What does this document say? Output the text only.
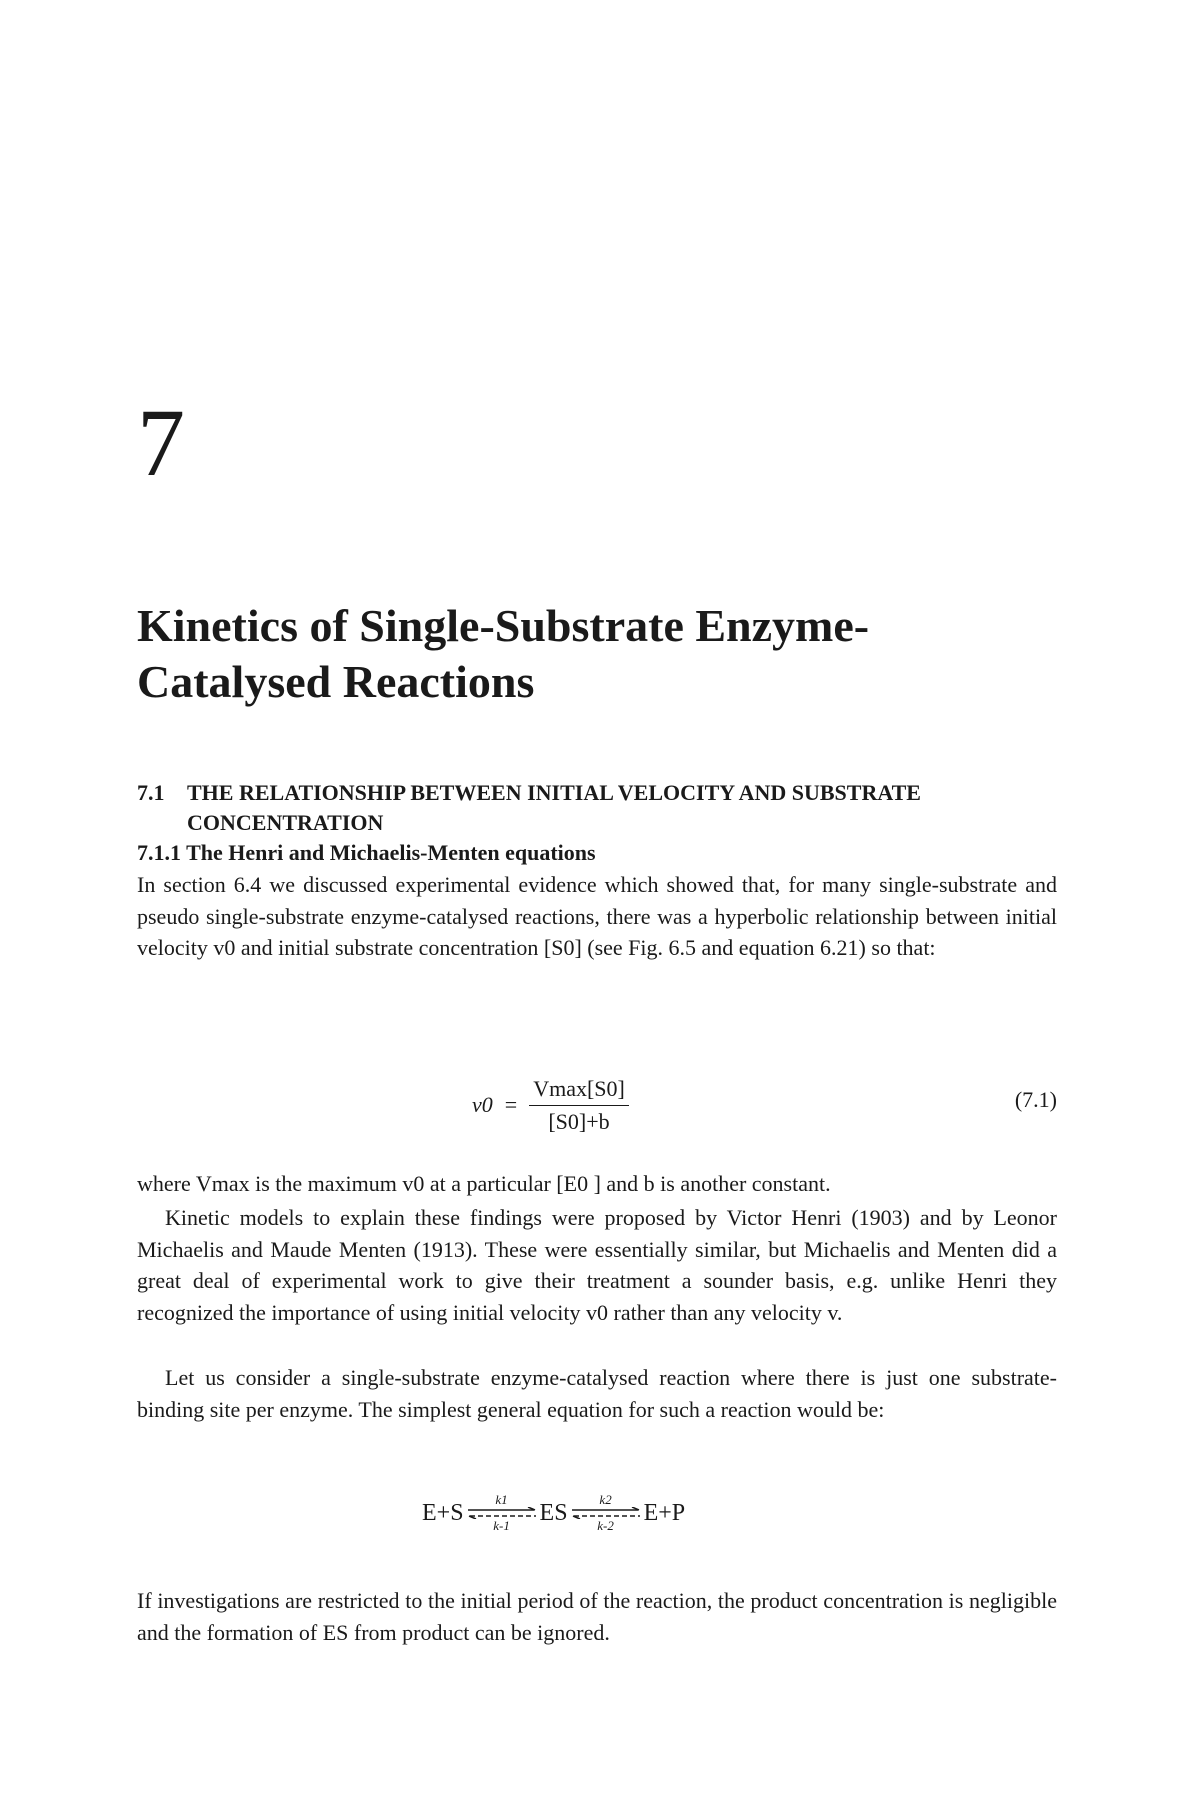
7
Kinetics of Single-Substrate Enzyme-Catalysed Reactions
7.1 THE RELATIONSHIP BETWEEN INITIAL VELOCITY AND SUBSTRATE CONCENTRATION
7.1.1 The Henri and Michaelis-Menten equations

In section 6.4 we discussed experimental evidence which showed that, for many single-substrate and pseudo single-substrate enzyme-catalysed reactions, there was a hyperbolic relationship between initial velocity v0 and initial substrate concentration [S0] (see Fig. 6.5 and equation 6.21) so that:

$v0 = \frac{Vmax[S0]}{[S0]+b}$	(7.1)

where Vmax is the maximum v0 at a particular [E0 ] and b is another constant.

Kinetic models to explain these findings were proposed by Victor Henri (1903) and by Leonor Michaelis and Maude Menten (1913). These were essentially similar, but Michaelis and Menten did a great deal of experimental work to give their treatment a sounder basis, e.g. unlike Henri they recognized the importance of using initial velocity v0 rather than any velocity v.

Let us consider a single-substrate enzyme-catalysed reaction where there is just one substrate-binding site per enzyme. The simplest general equation for such a reaction would be:

E+S k1
k-1 ES k2
k-2 E+P

If investigations are restricted to the initial period of the reaction, the product concentration is negligible and the formation of ES from product can be ignored.
